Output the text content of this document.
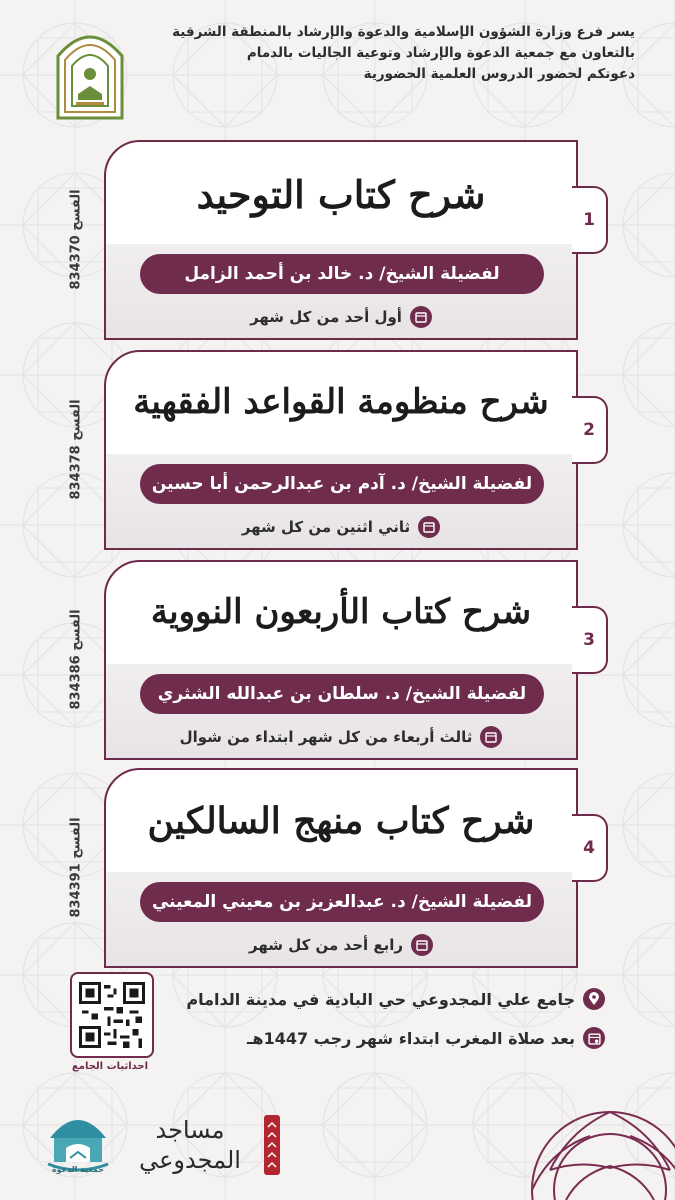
يسر فرع وزارة الشؤون الإسلامية والدعوة والإرشاد بالمنطقة الشرقية
بالتعاون مع جمعية الدعوة والإرشاد وتوعية الجاليات بالدمام
دعوتكم لحضور الدروس العلمية الحضورية
شرح كتاب التوحيد
لفضيلة الشيخ/ د. خالد بن أحمد الزامل
أول أحد من كل شهر
1
الفسح 834370
شرح منظومة القواعد الفقهية
لفضيلة الشيخ/ د. آدم بن عبدالرحمن أبا حسين
ثاني اثنين من كل شهر
2
الفسح 834378
شرح كتاب الأربعون النووية
لفضيلة الشيخ/ د. سلطان بن عبدالله الشثري
ثالث أربعاء من كل شهر ابتداء من شوال
3
الفسح 834386
شرح كتاب منهج السالكين
لفضيلة الشيخ/ د. عبدالعزيز بن معيني المعيني
رابع أحد من كل شهر
4
الفسح 834391
احداثيات الجامع
جامع علي المجدوعي حي البادية في مدينة الدامام
بعد صلاة المغرب ابتداء شهر رجب 1447هـ
جمعية الدعوة
مساجد
المجدوعي
